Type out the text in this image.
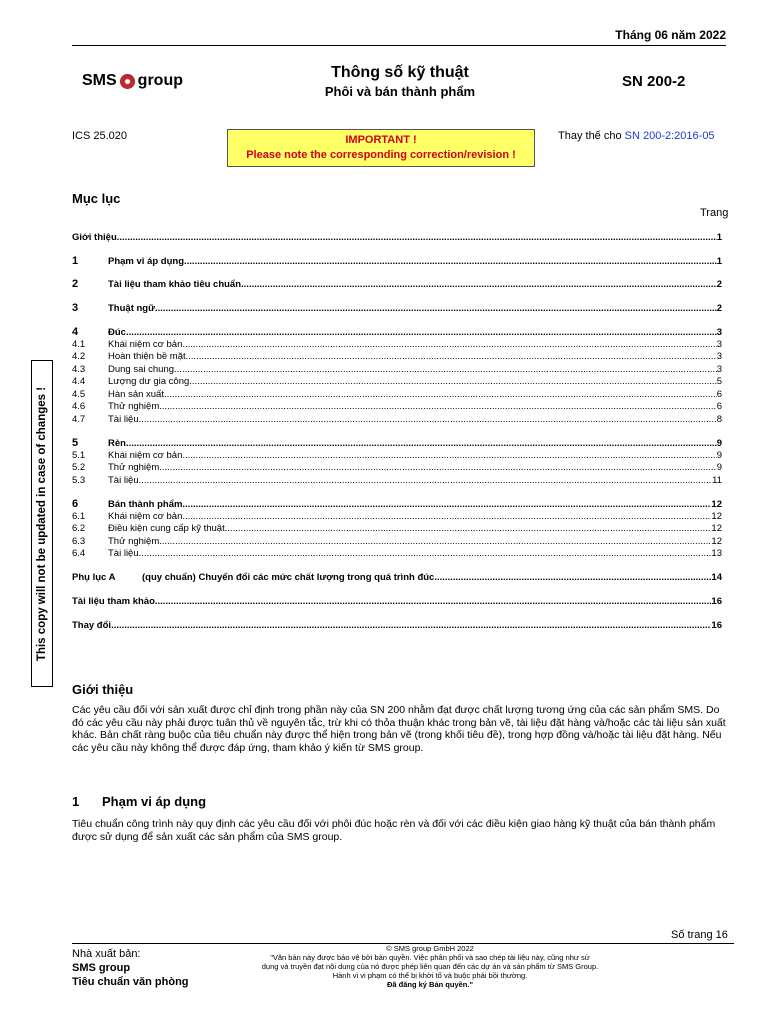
Tháng 06 năm 2022
SMS group	Thông số kỹ thuật
Phôi và bán thành phẩm
SN 200-2
ICS 25.020	IMPORTANT !
Please note the corresponding correction/revision !
Thay thế cho SN 200-2:2016-05
This copy will not be updated in case of changes !
Mục lục
Trang
Giới thiệu .....	1
1	Phạm vi áp dụng .....	1
2	Tài liệu tham khảo tiêu chuẩn .....	2
3	Thuật ngữ .....	2
4	Đúc .....	3
4.1	Khái niệm cơ bản .....	3
4.2	Hoàn thiện bề mặt .....	3
4.3	Dung sai chung .....	3
4.4	Lượng dư gia công .....	5
4.5	Hàn sản xuất .....	6
4.6	Thử nghiệm .....	6
4.7	Tài liệu .....	8
5	Rèn .....	9
5.1	Khái niệm cơ bản .....	9
5.2	Thử nghiệm .....	9
5.3	Tài liệu .....	11
6	Bán thành phẩm .....	12
6.1	Khái niệm cơ bản .....	12
6.2	Điều kiện cung cấp kỹ thuật .....	12
6.3	Thử nghiệm .....	12
6.4	Tài liệu .....	13
Phụ lục A	(quy chuẩn) Chuyển đổi các mức chất lượng trong quá trình đúc .....	14
Tài liệu tham khảo .....	16
Thay đổi .....	16
Giới thiệu
Các yêu cầu đối với sản xuất được chỉ định trong phần này của SN 200 nhằm đạt được chất lượng tương ứng của các sản phẩm SMS. Do đó các yêu cầu này phải được tuân thủ về nguyên tắc, trừ khi có thỏa thuận khác trong bản vẽ, tài liệu đặt hàng và/hoặc các tài liệu sản xuất khác. Bản chất ràng buộc của tiêu chuẩn này được thể hiện trong bản vẽ (trong khối tiêu đề), trong hợp đồng và/hoặc tài liệu đặt hàng. Nếu các yêu cầu này không thể được đáp ứng, tham khảo ý kiến từ SMS group.
1 Phạm vi áp dụng
Tiêu chuẩn công trình này quy định các yêu cầu đối với phôi đúc hoặc rèn và đối với các điều kiện giao hàng kỹ thuật của bán thành phẩm được sử dụng để sản xuất các sản phẩm của SMS group.
Số trang 16
Nhà xuất bản:
SMS group
Tiêu chuẩn văn phòng
© SMS group GmbH 2022
"Văn bản này được bảo vệ bởi bản quyền. Việc phân phối và sao chép tài liệu này, cũng như sử
dụng và truyền đạt nội dung của nó được phép liên quan đến các dự án và sản phẩm từ SMS Group.
Hành vi vi phạm có thể bị khởi tố và buộc phải bồi thường.
Đã đăng ký Bản quyền."
